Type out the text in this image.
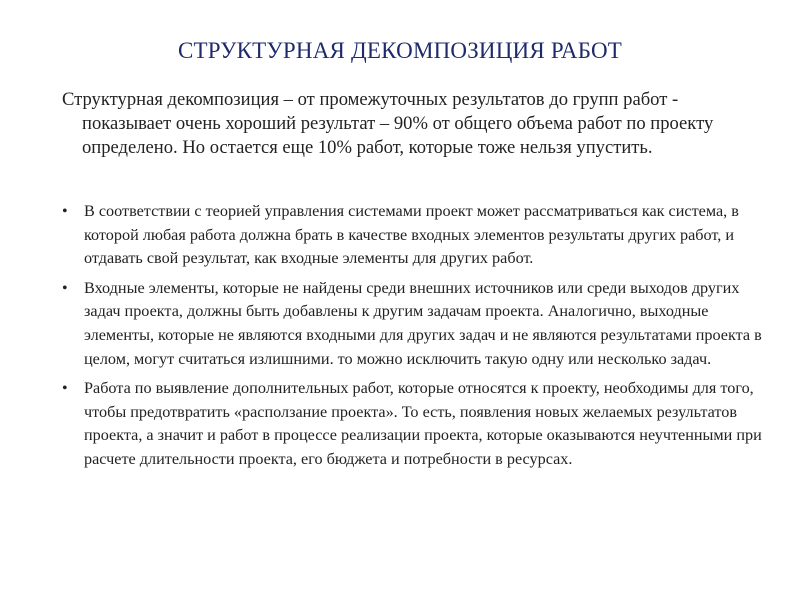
СТРУКТУРНАЯ ДЕКОМПОЗИЦИЯ РАБОТ

Структурная декомпозиция – от промежуточных результатов до групп работ - показывает очень хороший результат – 90% от общего объема работ по проекту определено. Но остается еще 10% работ, которые тоже нельзя упустить.

• В соответствии с теорией управления системами проект может рассматриваться как система, в которой любая работа должна брать в качестве входных элементов результаты других работ, и отдавать свой результат, как входные элементы для других работ.
• Входные элементы, которые не найдены среди внешних источников или среди выходов других задач проекта, должны быть добавлены к другим задачам проекта. Аналогично, выходные элементы, которые не являются входными для других задач и не являются результатами проекта в целом, могут считаться излишними. то можно исключить такую одну или несколько задач.
• Работа по выявление дополнительных работ, которые относятся к проекту, необходимы для того, чтобы предотвратить «расползание проекта». То есть, появления новых желаемых результатов проекта, а значит и работ в процессе реализации проекта, которые оказываются неучтенными при расчете длительности проекта, его бюджета и потребности в ресурсах.
